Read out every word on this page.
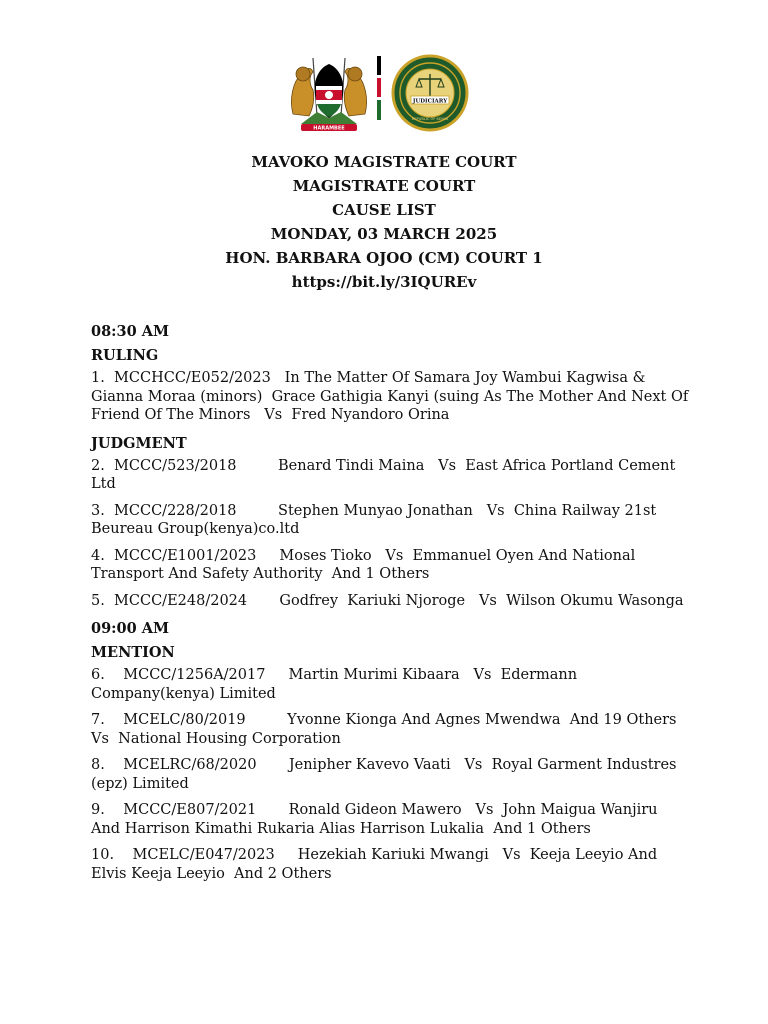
HARAMBEE
JUDICIARY
REPUBLIC OF KENYA
MAVOKO MAGISTRATE COURT
MAGISTRATE COURT
CAUSE LIST
MONDAY, 03 MARCH 2025
HON. BARBARA OJOO (CM) COURT 1
https://bit.ly/3IQUREv
08:30 AM
RULING
1.  MCCHCC/E052/2023   In The Matter Of Samara Joy Wambui Kagwisa & Gianna Moraa (minors)  Grace Gathigia Kanyi (suing As The Mother And Next Of Friend Of The Minors   Vs  Fred Nyandoro Orina
JUDGMENT
2.  MCCC/523/2018         Benard Tindi Maina   Vs  East Africa Portland Cement Ltd
3.  MCCC/228/2018         Stephen Munyao Jonathan   Vs  China Railway 21st Beureau Group(kenya)co.ltd
4.  MCCC/E1001/2023     Moses Tioko   Vs  Emmanuel Oyen And National Transport And Safety Authority  And 1 Others
5.  MCCC/E248/2024       Godfrey  Kariuki Njoroge   Vs  Wilson Okumu Wasonga
09:00 AM
MENTION
6.    MCCC/1256A/2017     Martin Murimi Kibaara   Vs  Edermann Company(kenya) Limited
7.    MCELC/80/2019         Yvonne Kionga And Agnes Mwendwa  And 19 Others  Vs  National Housing Corporation
8.    MCELRC/68/2020       Jenipher Kavevo Vaati   Vs  Royal Garment Industres (epz) Limited
9.    MCCC/E807/2021       Ronald Gideon Mawero   Vs  John Maigua Wanjiru And Harrison Kimathi Rukaria Alias Harrison Lukalia  And 1 Others
10.    MCELC/E047/2023     Hezekiah Kariuki Mwangi   Vs  Keeja Leeyio And Elvis Keeja Leeyio  And 2 Others
